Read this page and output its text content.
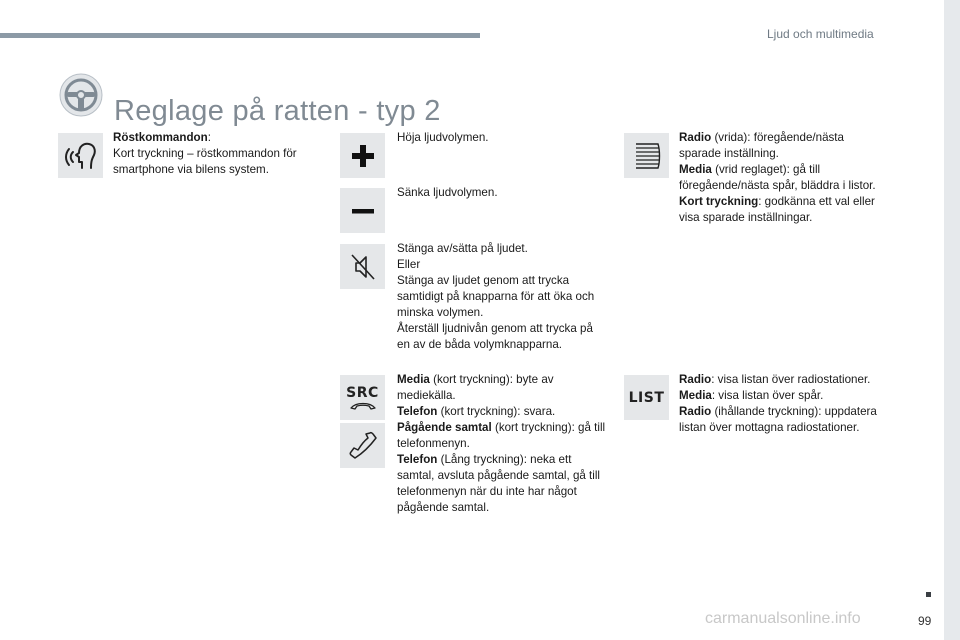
Ljud och multimedia
Reglage på ratten - typ 2

Röstkommandon:

Kort tryckning – röstkommandon för smartphone via bilens system.

Höja ljudvolymen.
Sänka ljudvolymen.

Stänga av/sätta på ljudet.

Eller

Stänga av ljudet genom att trycka samtidigt på knapparna för att öka och minska volymen.

Återställ ljudnivån genom att trycka på en av de båda volymknapparna.

SRC

Media (kort tryckning): byte av mediekälla.

Telefon (kort tryckning): svara.

Pågående samtal (kort tryckning): gå till telefonmenyn.

Telefon (Lång tryckning): neka ett samtal, avsluta pågående samtal, gå till telefonmenyn när du inte har något pågående samtal.

Radio (vrida): föregående/nästa sparade inställning.

Media (vrid reglaget): gå till föregående/nästa spår, bläddra i listor.

Kort tryckning: godkänna ett val eller visa sparade inställningar.

LIST

Radio: visa listan över radiostationer.

Media: visa listan över spår.

Radio (ihållande tryckning): uppdatera listan över mottagna radiostationer.

99
carmanualsonline.info
